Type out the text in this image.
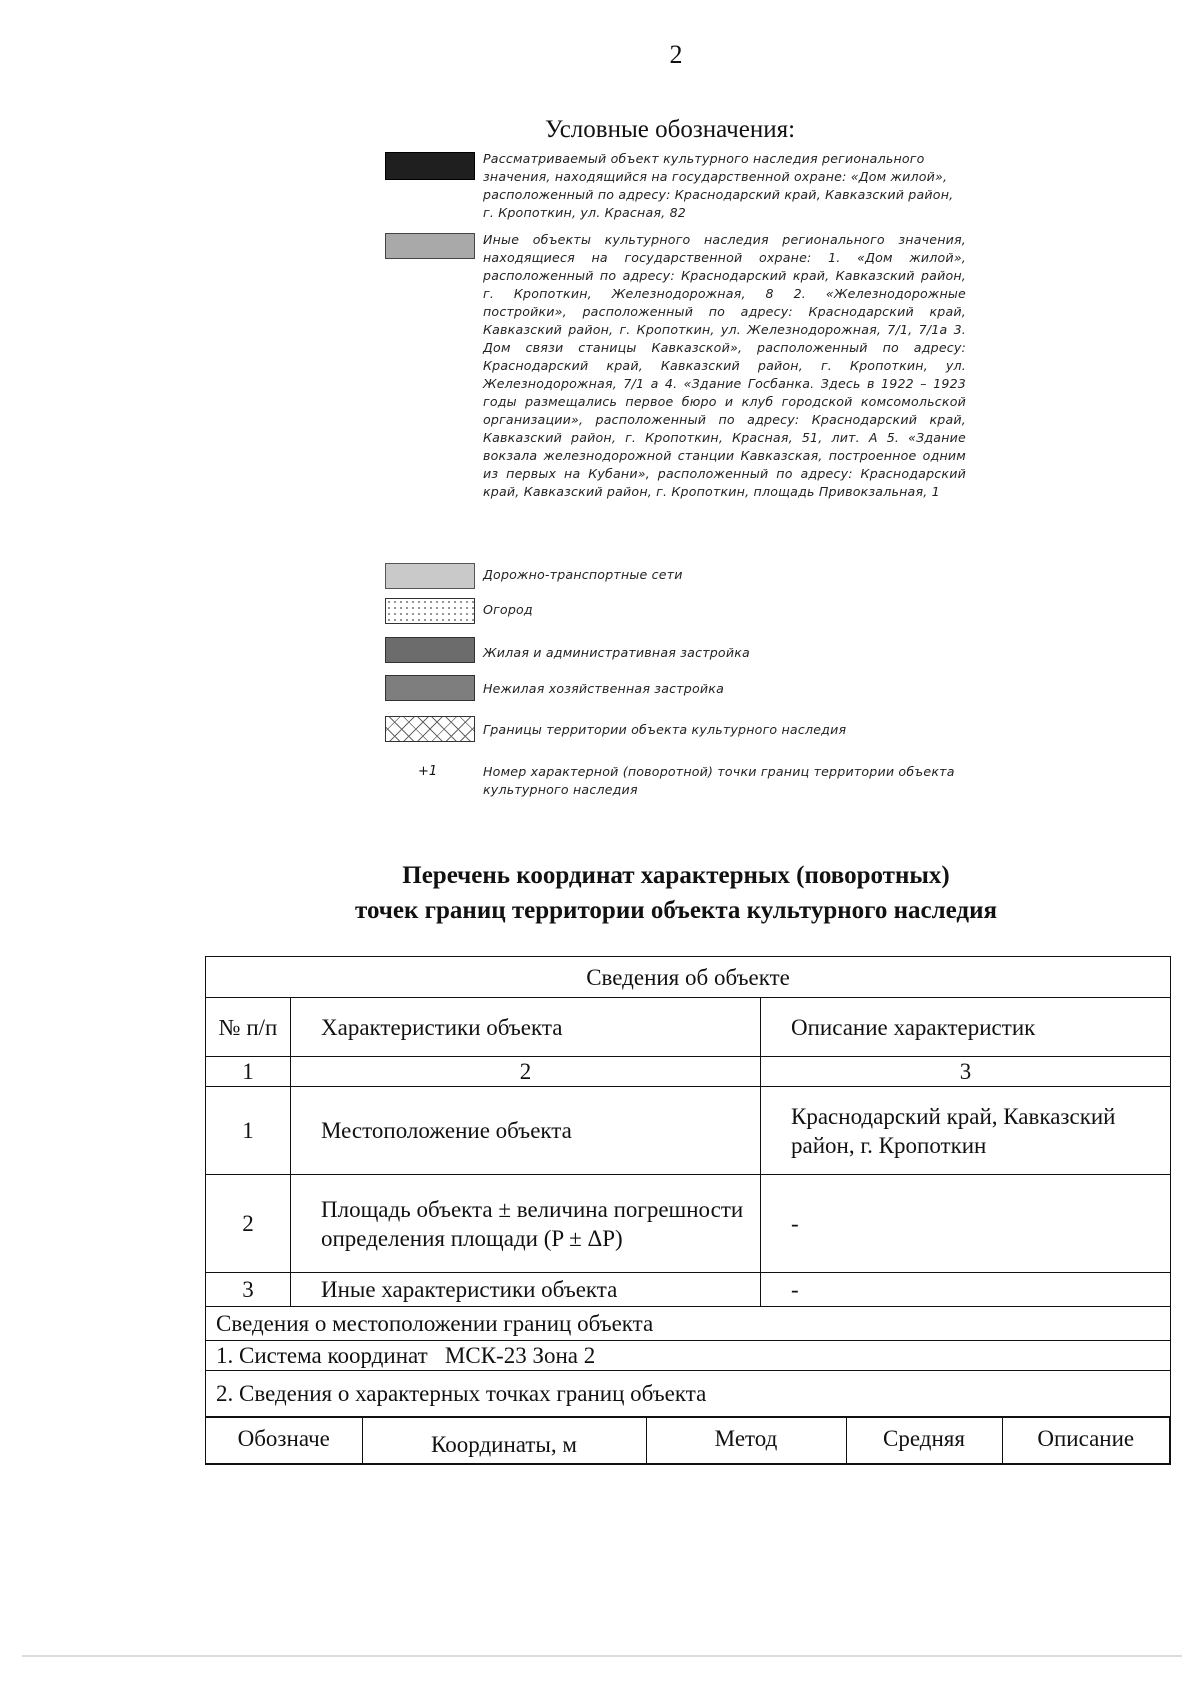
2
Условные обозначения:
Рассматриваемый объект культурного наследия регионального значения, находящийся на государственной охране: «Дом жилой», расположенный по адресу: Краснодарский край, Кавказский район, г. Кропоткин, ул. Красная, 82
Иные объекты культурного наследия регионального значения, находящиеся на государственной охране: 1. «Дом жилой», расположенный по адресу: Краснодарский край, Кавказский район, г. Кропоткин, Железнодорожная, 8 2. «Железнодорожные постройки», расположенный по адресу: Краснодарский край, Кавказский район, г. Кропоткин, ул. Железнодорожная, 7/1, 7/1а 3. Дом связи станицы Кавказской», расположенный по адресу: Краснодарский край, Кавказский район, г. Кропоткин, ул. Железнодорожная, 7/1 а 4. «Здание Госбанка. Здесь в 1922 – 1923 годы размещались первое бюро и клуб городской комсомольской организации», расположенный по адресу: Краснодарский край, Кавказский район, г. Кропоткин, Красная, 51, лит. А 5. «Здание вокзала железнодорожной станции Кавказская, построенное одним из первых на Кубани», расположенный по адресу: Краснодарский край, Кавказский район, г. Кропоткин, площадь Привокзальная, 1
Дорожно-транспортные сети
Огород
Жилая и административная застройка
Нежилая хозяйственная застройка
Границы территории объекта культурного наследия
+1	Номер характерной (поворотной) точки границ территории объекта культурного наследия
Перечень координат характерных (поворотных)
точек границ территории объекта культурного наследия
Сведения об объекте
№ п/п	Характеристики объекта	Описание характеристик
1	2	3
1	Местоположение объекта	Краснодарский край, Кавказский район, г. Кропоткин
2	Площадь объекта ± величина погрешности определения площади (P ± ΔP)	-
3	Иные характеристики объекта	-
Сведения о местоположении границ объекта
1. Система координат   МСК-23 Зона 2
2. Сведения о характерных точках границ объекта

Обозначе	Координаты, м	Метод	Средняя	Описание
